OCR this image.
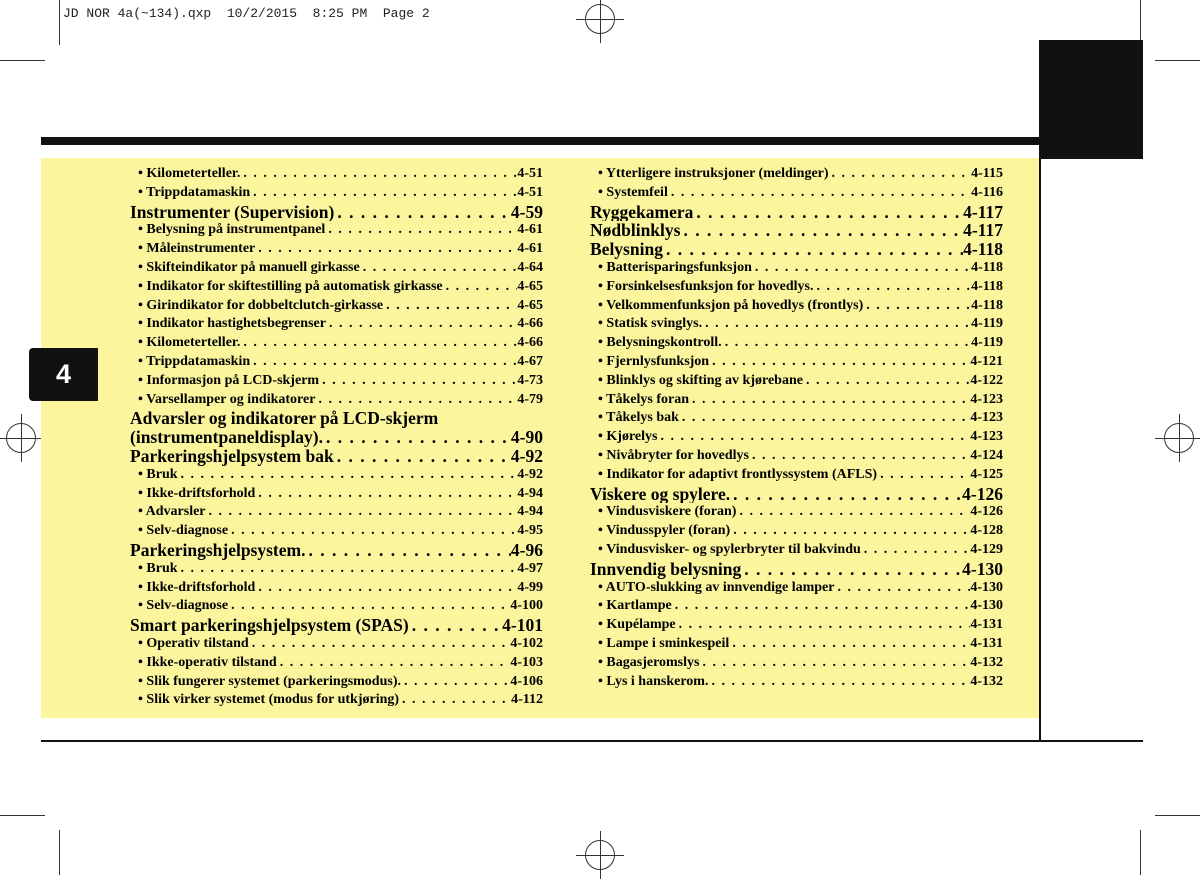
JD NOR 4a(~134).qxp  10/2/2015  8:25 PM  Page 2
4
• Kilometerteller. . . .	4-51
• Trippdatamaskin . . .	4-51
Instrumenter (Supervision) . . .	4-59
• Belysning på instrumentpanel . . .	4-61
• Måleinstrumenter . . .	4-61
• Skifteindikator på manuell girkasse . . .	4-64
• Indikator for skiftestilling på automatisk girkasse . . .	4-65
• Girindikator for dobbeltclutch-girkasse . . .	4-65
• Indikator hastighetsbegrenser . . .	4-66
• Kilometerteller. . . .	4-66
• Trippdatamaskin . . .	4-67
• Informasjon på LCD-skjerm . . .	4-73
• Varsellamper og indikatorer . . .	4-79
Advarsler og indikatorer på LCD-skjerm
(instrumentpaneldisplay). . . .	4-90
Parkeringshjelpsystem bak . . .	4-92
• Bruk . . .	4-92
• Ikke-driftsforhold . . .	4-94
• Advarsler . . .	4-94
• Selv-diagnose . . .	4-95
Parkeringshjelpsystem. . . .	4-96
• Bruk . . .	4-97
• Ikke-driftsforhold . . .	4-99
• Selv-diagnose . . .	4-100
Smart parkeringshjelpsystem (SPAS) . . .	4-101
• Operativ tilstand . . .	4-102
• Ikke-operativ tilstand . . .	4-103
• Slik fungerer systemet (parkeringsmodus). . . .	4-106
• Slik virker systemet (modus for utkjøring) . . .	4-112
• Ytterligere instruksjoner (meldinger) . . .	4-115
• Systemfeil . . .	4-116
Ryggekamera . . .	4-117
Nødblinklys . . .	4-117
Belysning . . .	4-118
• Batterisparingsfunksjon . . .	4-118
• Forsinkelsesfunksjon for hovedlys. . . .	4-118
• Velkommenfunksjon på hovedlys (frontlys) . . .	4-118
• Statisk svinglys. . . .	4-119
• Belysningskontroll. . . .	4-119
• Fjernlysfunksjon . . .	4-121
• Blinklys og skifting av kjørebane . . .	4-122
• Tåkelys foran . . .	4-123
• Tåkelys bak . . .	4-123
• Kjørelys . . .	4-123
• Nivåbryter for hovedlys . . .	4-124
• Indikator for adaptivt frontlyssystem (AFLS) . . .	4-125
Viskere og spylere. . . .	4-126
• Vindusviskere (foran) . . .	4-126
• Vindusspyler (foran) . . .	4-128
• Vindusvisker- og spylerbryter til bakvindu . . .	4-129
Innvendig belysning . . .	4-130
• AUTO-slukking av innvendige lamper . . .	4-130
• Kartlampe . . .	4-130
• Kupélampe . . .	4-131
• Lampe i sminkespeil . . .	4-131
• Bagasjeromslys . . .	4-132
• Lys i hanskerom. . . .	4-132
